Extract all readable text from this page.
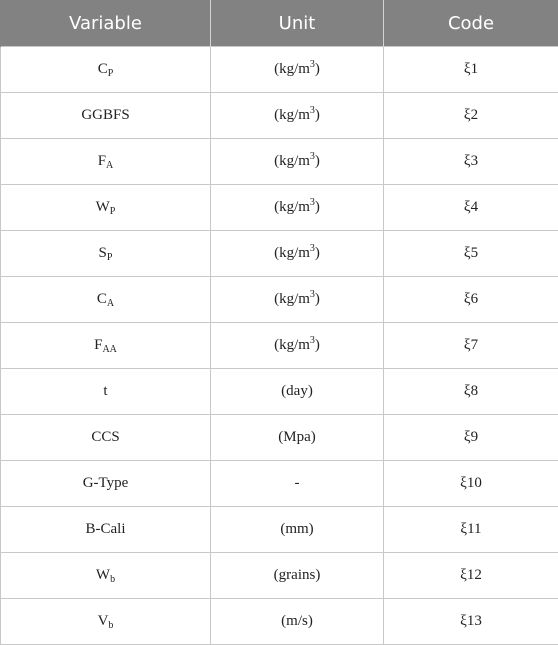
Variable	Unit	Code
$C_P$	$(kg/m^3)$	ξ1
GGBFS	$(kg/m^3)$	ξ2
$F_A$	$(kg/m^3)$	ξ3
$W_P$	$(kg/m^3)$	ξ4
$S_P$	$(kg/m^3)$	ξ5
$C_A$	$(kg/m^3)$	ξ6
$F_{AA}$	$(kg/m^3)$	ξ7
t	(day)	ξ8
CCS	(Mpa)	ξ9
G-Type	-	ξ10
B-Cali	(mm)	ξ11
$W_b$	(grains)	ξ12
$V_b$	(m/s)	ξ13
